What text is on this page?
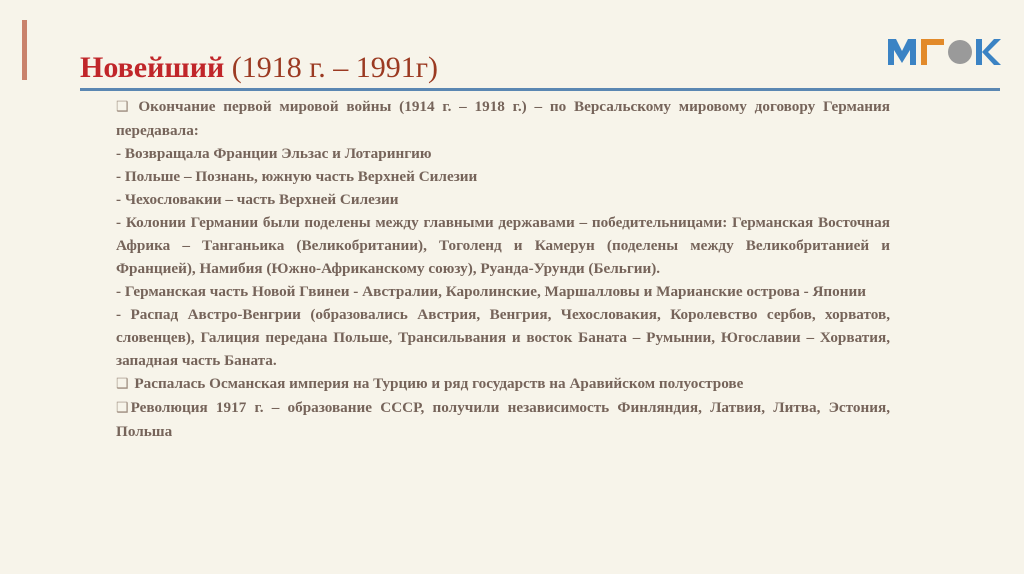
Новейший (1918 г. – 1991г)

❑ Окончание первой мировой войны (1914 г. – 1918 г.) – по Версальскому мировому договору Германия передавала:

- Возвращала Франции Эльзас и Лотарингию

- Польше – Познань, южную часть Верхней Силезии

- Чехословакии – часть Верхней Силезии

- Колонии Германии были поделены между главными державами – победительницами: Германская Восточная Африка – Танганьика (Великобритании), Тоголенд и Камерун (поделены между Великобританией и Францией), Намибия (Южно-Африканскому союзу), Руанда-Урунди (Бельгии).

- Германская часть Новой Гвинеи - Австралии, Каролинские, Маршалловы и Марианские острова - Японии

- Распад Австро-Венгрии (образовались Австрия, Венгрия, Чехословакия, Королевство сербов, хорватов, словенцев), Галиция передана Польше, Трансильвания и восток Баната – Румынии, Югославии – Хорватия, западная часть Баната.

❑ Распалась Османская империя на Турцию и ряд государств на Аравийском полуострове

❑ Революция 1917 г. – образование СССР, получили независимость Финляндия, Латвия, Литва, Эстония, Польша
